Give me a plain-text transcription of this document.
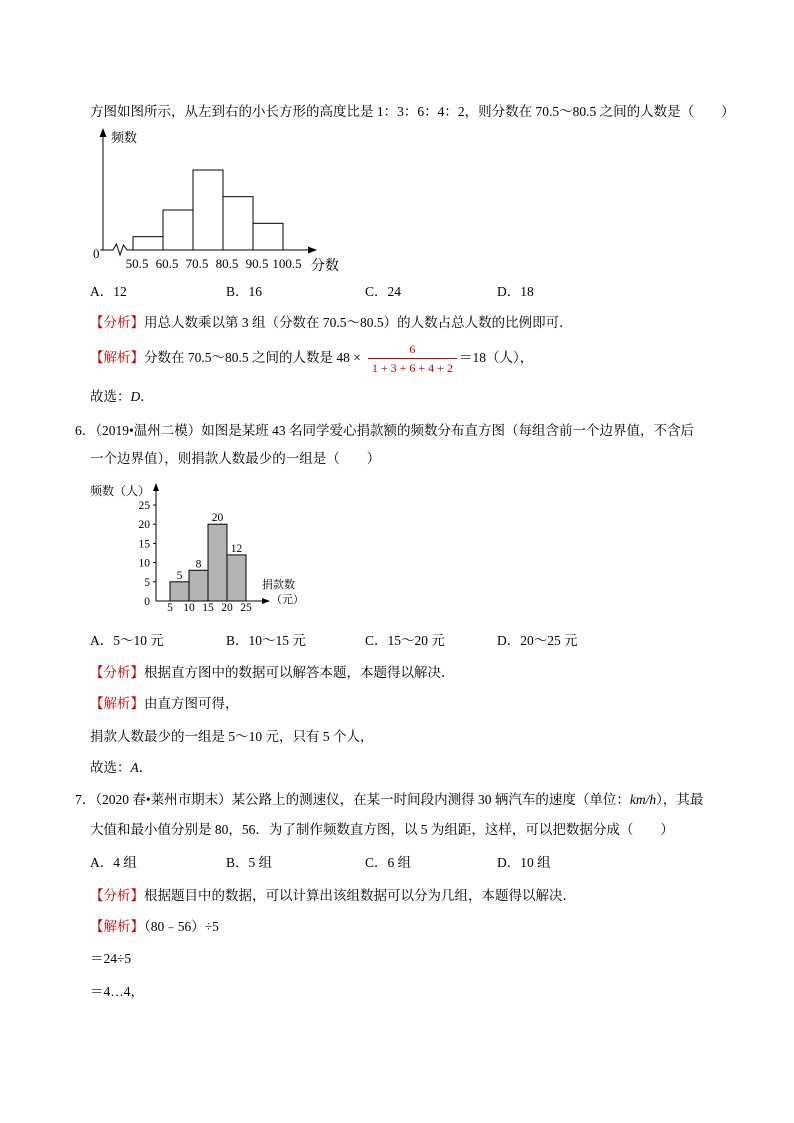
方图如图所示，从左到右的小长方形的高度比是 1：3：6：4：2，则分数在 70.5～80.5 之间的人数是（　　）
50.5 60.5 70.5 80.5 90.5 100.5
频数
0
分数
A．12	B．16	C．24	D．18
【分析】用总人数乘以第 3 组（分数在 70.5～80.5）的人数占总人数的比例即可．
【解析】 分数在 70.5～80.5 之间的人数是 $48 \times \frac{6}{1 + 3 + 6 + 4 + 2} =18$（人），
故选：D．
6．（2019•温州二模）如图是某班 43 名同学爱心捐款额的频数分布直方图（每组含前一个边界值，不含后
一个边界值），则捐款人数最少的一组是（　　）
0
5
10
15
20
25
5
8
20
12
5 10 15 20 25
频数（人）
捐款数
（元）
A．5～10 元	B．10～15 元	C．15～20 元	D．20～25 元
【分析】根据直方图中的数据可以解答本题，本题得以解决．
【解析】由直方图可得，
捐款人数最少的一组是 5～10 元，只有 5 个人，
故选：A．
7．（2020 春•莱州市期末）某公路上的测速仪，在某一时间段内测得 30 辆汽车的速度（单位：km/h），其最
大值和最小值分别是 80，56．为了制作频数直方图，以 5 为组距，这样，可以把数据分成（　　）
A．4 组	B．5 组	C．6 组	D．10 组
【分析】根据题目中的数据，可以计算出该组数据可以分为几组，本题得以解决．
【解析】（80﹣56）÷5
＝24÷5
＝4…4，
